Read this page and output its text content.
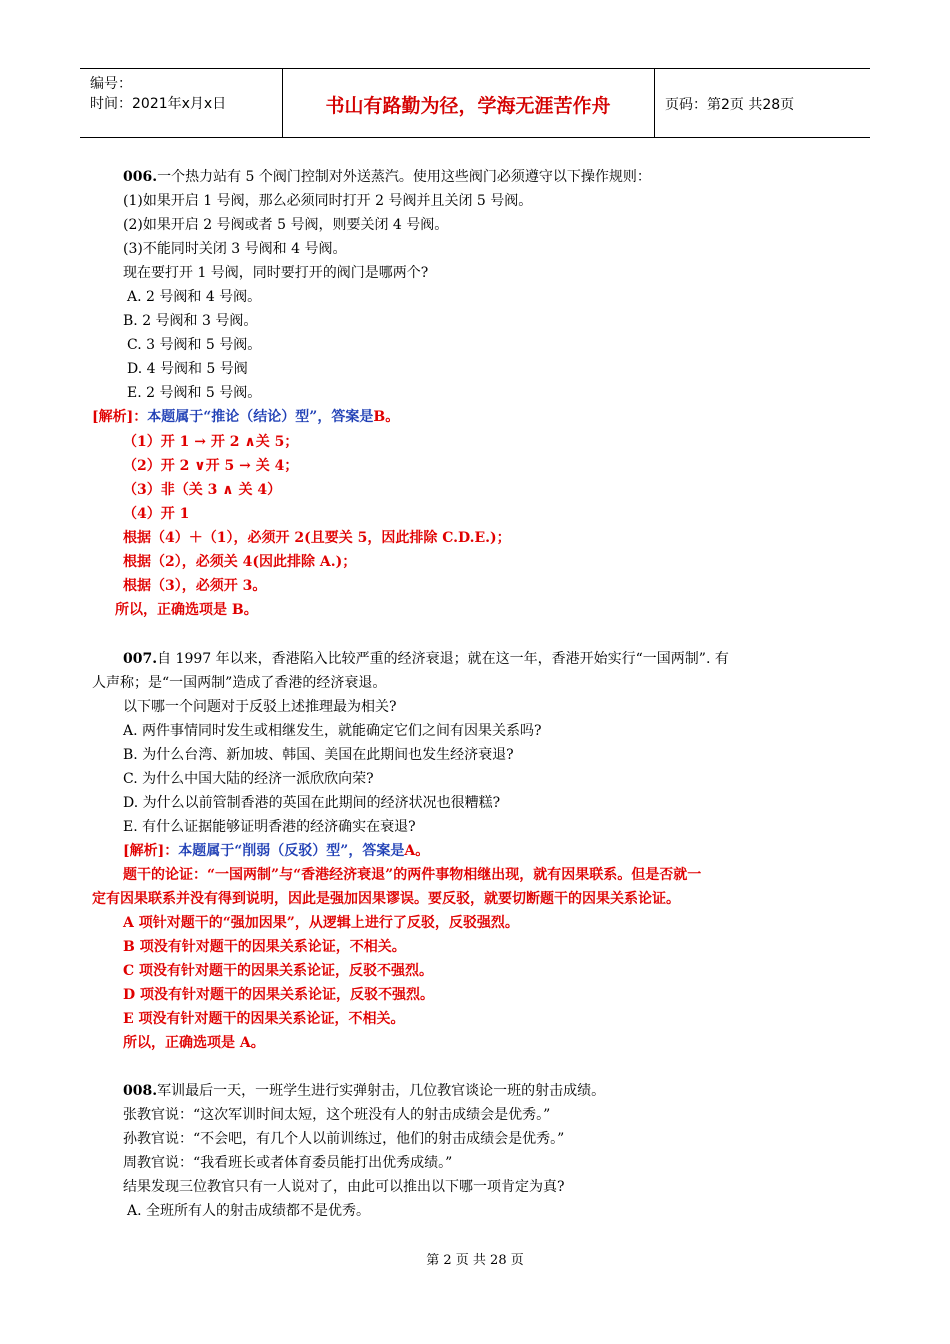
编号：
时间：2021年x月x日	书山有路勤为径，学海无涯苦作舟	页码：第2页 共28页
006.一个热力站有 5 个阀门控制对外送蒸汽。使用这些阀门必须遵守以下操作规则：
(1)如果开启 1 号阀，那么必须同时打开 2 号阀并且关闭 5 号阀。
(2)如果开启 2 号阀或者 5 号阀，则要关闭 4 号阀。
(3)不能同时关闭 3 号阀和 4 号阀。
现在要打开 1 号阀，同时要打开的阀门是哪两个?
A. 2 号阀和 4 号阀。
B. 2 号阀和 3 号阀。
C. 3 号阀和 5 号阀。
D. 4 号阀和 5 号阀
E. 2 号阀和 5 号阀。
[解析]：本题属于“推论（结论）型”，答案是B。
（1）开 1 → 开 2 ∧关 5；
（2）开 2 ∨开 5 → 关 4；
（3）非（关 3 ∧ 关 4）
（4）开 1
根据（4）＋（1），必须开 2(且要关 5，因此排除 C.D.E.)；
根据（2），必须关 4(因此排除 A.)；
根据（3），必须开 3。
所以，正确选项是 B。
007.自 1997 年以来，香港陷入比较严重的经济衰退；就在这一年，香港开始实行“一国两制”. 有
人声称；是“一国两制”造成了香港的经济衰退。
以下哪一个问题对于反驳上述推理最为相关?
A. 两件事情同时发生或相继发生，就能确定它们之间有因果关系吗?
B. 为什么台湾、新加坡、韩国、美国在此期间也发生经济衰退?
C. 为什么中国大陆的经济一派欣欣向荣?
D. 为什么以前管制香港的英国在此期间的经济状况也很糟糕?
E. 有什么证据能够证明香港的经济确实在衰退?
[解析]：本题属于“削弱（反驳）型”，答案是A。
题干的论证：“一国两制”与“香港经济衰退”的两件事物相继出现，就有因果联系。但是否就一
定有因果联系并没有得到说明，因此是强加因果谬误。要反驳，就要切断题干的因果关系论证。
A 项针对题干的“强加因果”，从逻辑上进行了反驳，反驳强烈。
B 项没有针对题干的因果关系论证，不相关。
C 项没有针对题干的因果关系论证，反驳不强烈。
D 项没有针对题干的因果关系论证，反驳不强烈。
E 项没有针对题干的因果关系论证，不相关。
所以，正确选项是 A。
008.军训最后一天，一班学生进行实弹射击，几位教官谈论一班的射击成绩。
张教官说：“这次军训时间太短，这个班没有人的射击成绩会是优秀。”
孙教官说：“不会吧，有几个人以前训练过，他们的射击成绩会是优秀。”
周教官说：“我看班长或者体育委员能打出优秀成绩。”
结果发现三位教官只有一人说对了，由此可以推出以下哪一项肯定为真?
A. 全班所有人的射击成绩都不是优秀。
第 2 页 共 28 页
